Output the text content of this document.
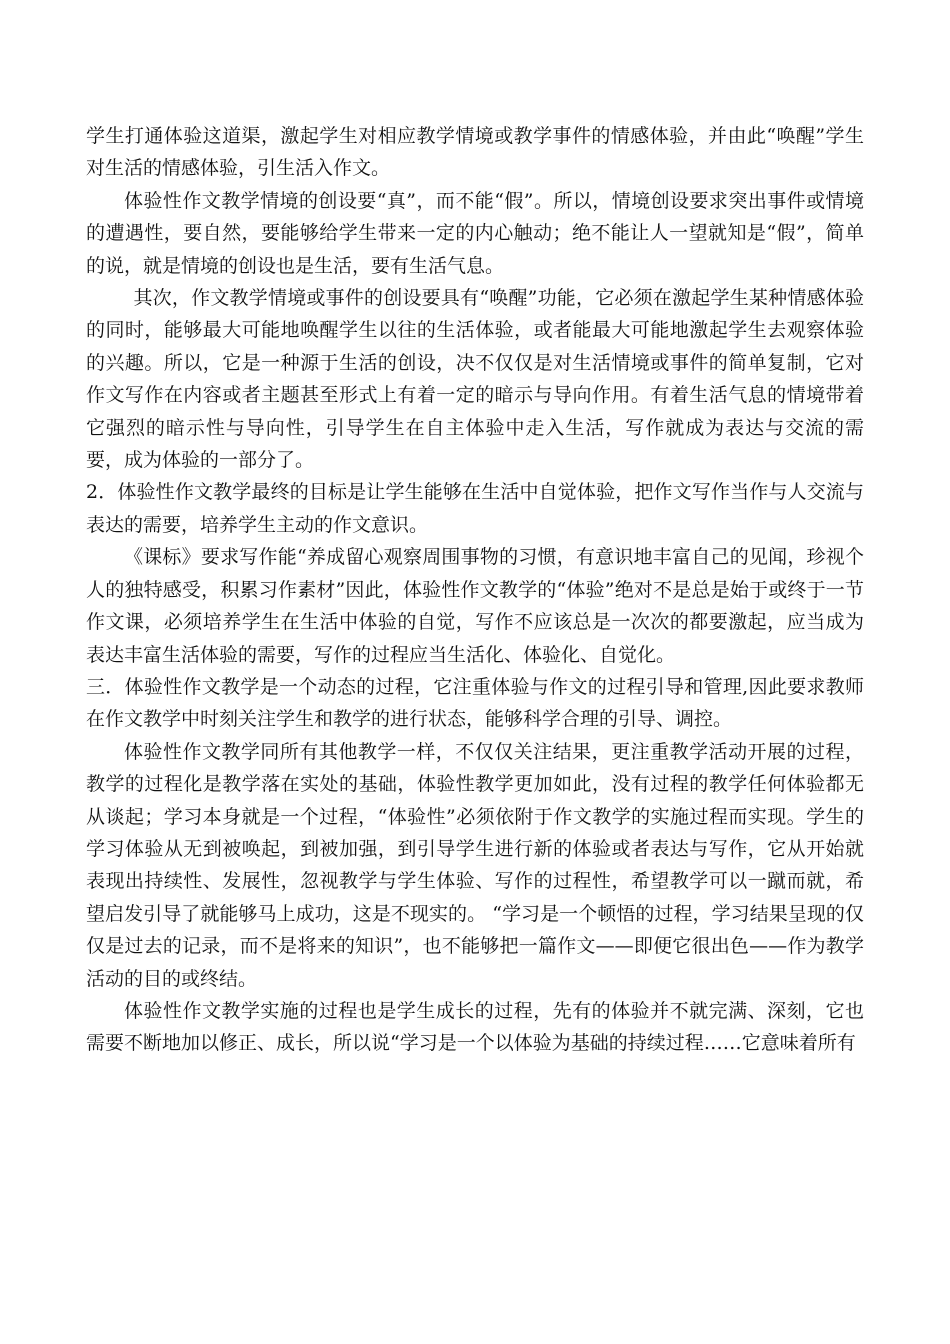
学生打通体验这道渠，激起学生对相应教学情境或教学事件的情感体验，并由此“唤醒”学生对生活的情感体验，引生活入作文。

体验性作文教学情境的创设要“真”，而不能“假”。所以，情境创设要求突出事件或情境的遭遇性，要自然，要能够给学生带来一定的内心触动；绝不能让人一望就知是“假”，简单的说，就是情境的创设也是生活，要有生活气息。

其次，作文教学情境或事件的创设要具有“唤醒”功能，它必须在激起学生某种情感体验的同时，能够最大可能地唤醒学生以往的生活体验，或者能最大可能地激起学生去观察体验的兴趣。所以，它是一种源于生活的创设，决不仅仅是对生活情境或事件的简单复制，它对作文写作在内容或者主题甚至形式上有着一定的暗示与导向作用。有着生活气息的情境带着它强烈的暗示性与导向性，引导学生在自主体验中走入生活，写作就成为表达与交流的需要，成为体验的一部分了。

2．体验性作文教学最终的目标是让学生能够在生活中自觉体验，把作文写作当作与人交流与表达的需要，培养学生主动的作文意识。

《课标》要求写作能“养成留心观察周围事物的习惯，有意识地丰富自己的见闻，珍视个人的独特感受，积累习作素材”因此，体验性作文教学的“体验”绝对不是总是始于或终于一节作文课，必须培养学生在生活中体验的自觉，写作不应该总是一次次的都要激起，应当成为表达丰富生活体验的需要，写作的过程应当生活化、体验化、自觉化。

三．体验性作文教学是一个动态的过程，它注重体验与作文的过程引导和管理,因此要求教师在作文教学中时刻关注学生和教学的进行状态，能够科学合理的引导、调控。

体验性作文教学同所有其他教学一样，不仅仅关注结果，更注重教学活动开展的过程，教学的过程化是教学落在实处的基础，体验性教学更加如此，没有过程的教学任何体验都无从谈起；学习本身就是一个过程，“体验性”必须依附于作文教学的实施过程而实现。学生的学习体验从无到被唤起，到被加强，到引导学生进行新的体验或者表达与写作，它从开始就表现出持续性、发展性，忽视教学与学生体验、写作的过程性，希望教学可以一蹴而就，希望启发引导了就能够马上成功，这是不现实的。 “学习是一个顿悟的过程，学习结果呈现的仅仅是过去的记录，而不是将来的知识”，也不能够把一篇作文——即便它很出色——作为教学活动的目的或终结。

体验性作文教学实施的过程也是学生成长的过程，先有的体验并不就完满、深刻，它也需要不断地加以修正、成长，所以说“学习是一个以体验为基础的持续过程……它意味着所有
